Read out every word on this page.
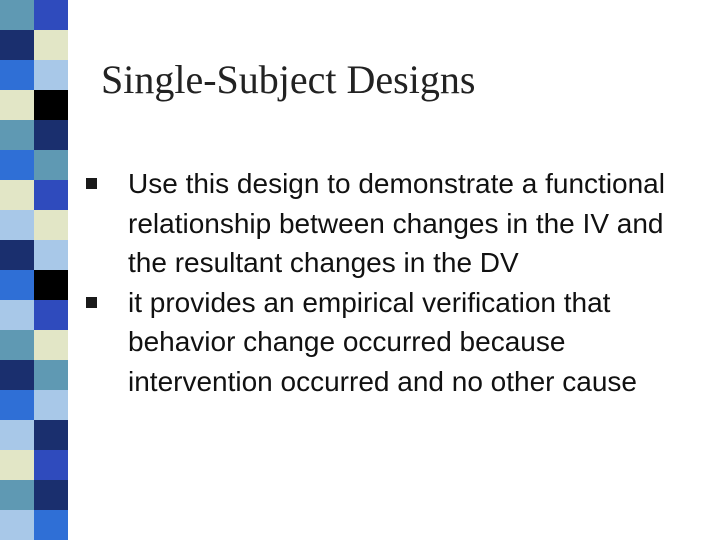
Single-Subject Designs
Use this design to demonstrate a functional relationship between changes in the IV and the resultant changes in the DV
it provides an empirical verification that behavior change occurred because intervention occurred and no other cause
